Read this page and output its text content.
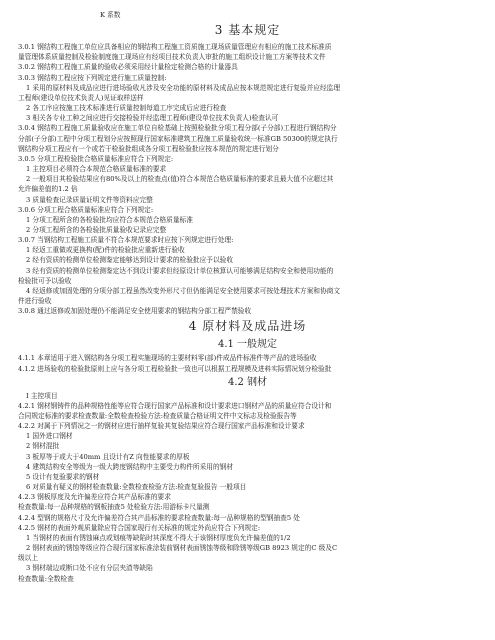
K 系数

3 基本规定

3.0.1 钢结构工程施工单位应具备相应的钢结构工程施工资质施工现场质量管理应有相应的施工技术标准质

量管理体系质量控制及检验制度施工现场应有经项目技术负责人审批的施工组织设计施工方案等技术文件

3.0.2 钢结构工程施工质量的验收必须采用经计量检定检测合格的计量器具

3.0.3 钢结构工程应按下列规定进行施工质量控制:

1 采用的原材料及成品应进行进场验收凡涉及安全功能的原材料及成品应按本规范规定进行复验并应经监理

工程师(建设单位技术负责人)见证取样送样

2 各工序应按施工技术标准进行质量控制每道工序完成后应进行检查

3 相关各专业工种之间应进行交接检验并经监理工程师(建设单位技术负责人)检查认可

3.0.4 钢结构工程施工质量验收应在施工单位自检基础上按照检验批分项工程分部(子分部)工程进行钢结构分

分部(子分部)工程中分项工程划分应按照现行国家标准建筑工程施工质量验收统一标准GB 50300的规定执行

钢结构分项工程应有一个或若干检验批组成各分项工程检验批应按本规范的规定进行划分

3.0.5 分项工程检验批合格质量标准应符合下列规定:

1 主控项目必须符合本规范合格质量标准的要求

2 一般项目其检验结果应有80%及以上的检查点(值)符合本规范合格质量标准的要求且最大值不应超过其

允许偏差值的1.2 倍

3 质量检查记录质量证明文件等资料应完整

3.0.6 分项工程合格质量标准应符合下列规定:

1 分项工程所含的各检验批均应符合本规范合格质量标准

2 分项工程所含的各检验批质量验收记录应完整

3.0.7 当钢结构工程施工质量不符合本规范要求时应按下列规定进行处理:

1 经返工重做或更换构(配)件的检验批应重新进行验收

2 经有资质的检测单位检测鉴定能够达到设计要求的检验批应予以验收

3 经有资质的检测单位检测鉴定达不到设计要求但经原设计单位核算认可能够满足结构安全和使用功能的

检验批可予以验收

4 经返修或加固处理的分项分部工程虽然改变外形尺寸但仍能满足安全使用要求可按处理技术方案和协商文

件进行验收

3.0.8 通过返修或加固处理仍不能满足安全使用要求的钢结构分部工程严禁验收

4 原材料及成品进场
4.1 一般规定

4.1.1 本章适用于进入钢结构各分项工程实施现场的主要材料零(部)件成品件标准件等产品的进场验收

4.1.2 进场验收的检验批原则上应与各分项工程检验批一致也可以根据工程规模及进料实际情况划分检验批

4.2 钢材

I 主控项目

4.2.1 钢材钢铸件的品种规格性能等应符合现行国家产品标准和设计要求进口钢材产品的质量应符合设计和

合同规定标准的要求检查数量:全数检查检验方法:检查质量合格证明文件中文标志及检验报告等

4.2.2 对属于下列情况之一的钢材应进行抽样复验其复验结果应符合现行国家产品标准和设计要求

1 国外进口钢材

2 钢材混批

3 板厚等于或大于40mm 且设计有Z 向性能要求的厚板

4 建筑结构安全等级为一级大跨度钢结构中主要受力构件所采用的钢材

5 设计有复验要求的钢材

6 对质量有疑义的钢材检查数量:全数检查检验方法:检查复验报告 一般项目

4.2.3 钢板厚度及允许偏差应符合其产品标准的要求

检查数量:每一品种规格的钢板抽查5 处检验方法:用游标卡尺量测

4.2.4 型钢的规格尺寸及允许偏差符合其产品标准的要求检查数量:每一品种规格的型钢抽查5 处

4.2.5 钢材的表面外观质量除应符合国家现行有关标准的规定外尚应符合下列规定:

1 当钢材的表面有锈蚀麻点或划痕等缺陷时其深度不得大于该钢材厚度负允许偏差值的1/2

2 钢材表面的锈蚀等级应符合现行国家标准涂装前钢材表面锈蚀等级和除锈等级GB 8923 规定的C 级及C

级以上

3 钢材端边或断口处不应有分层夹渣等缺陷

检查数量:全数检查
